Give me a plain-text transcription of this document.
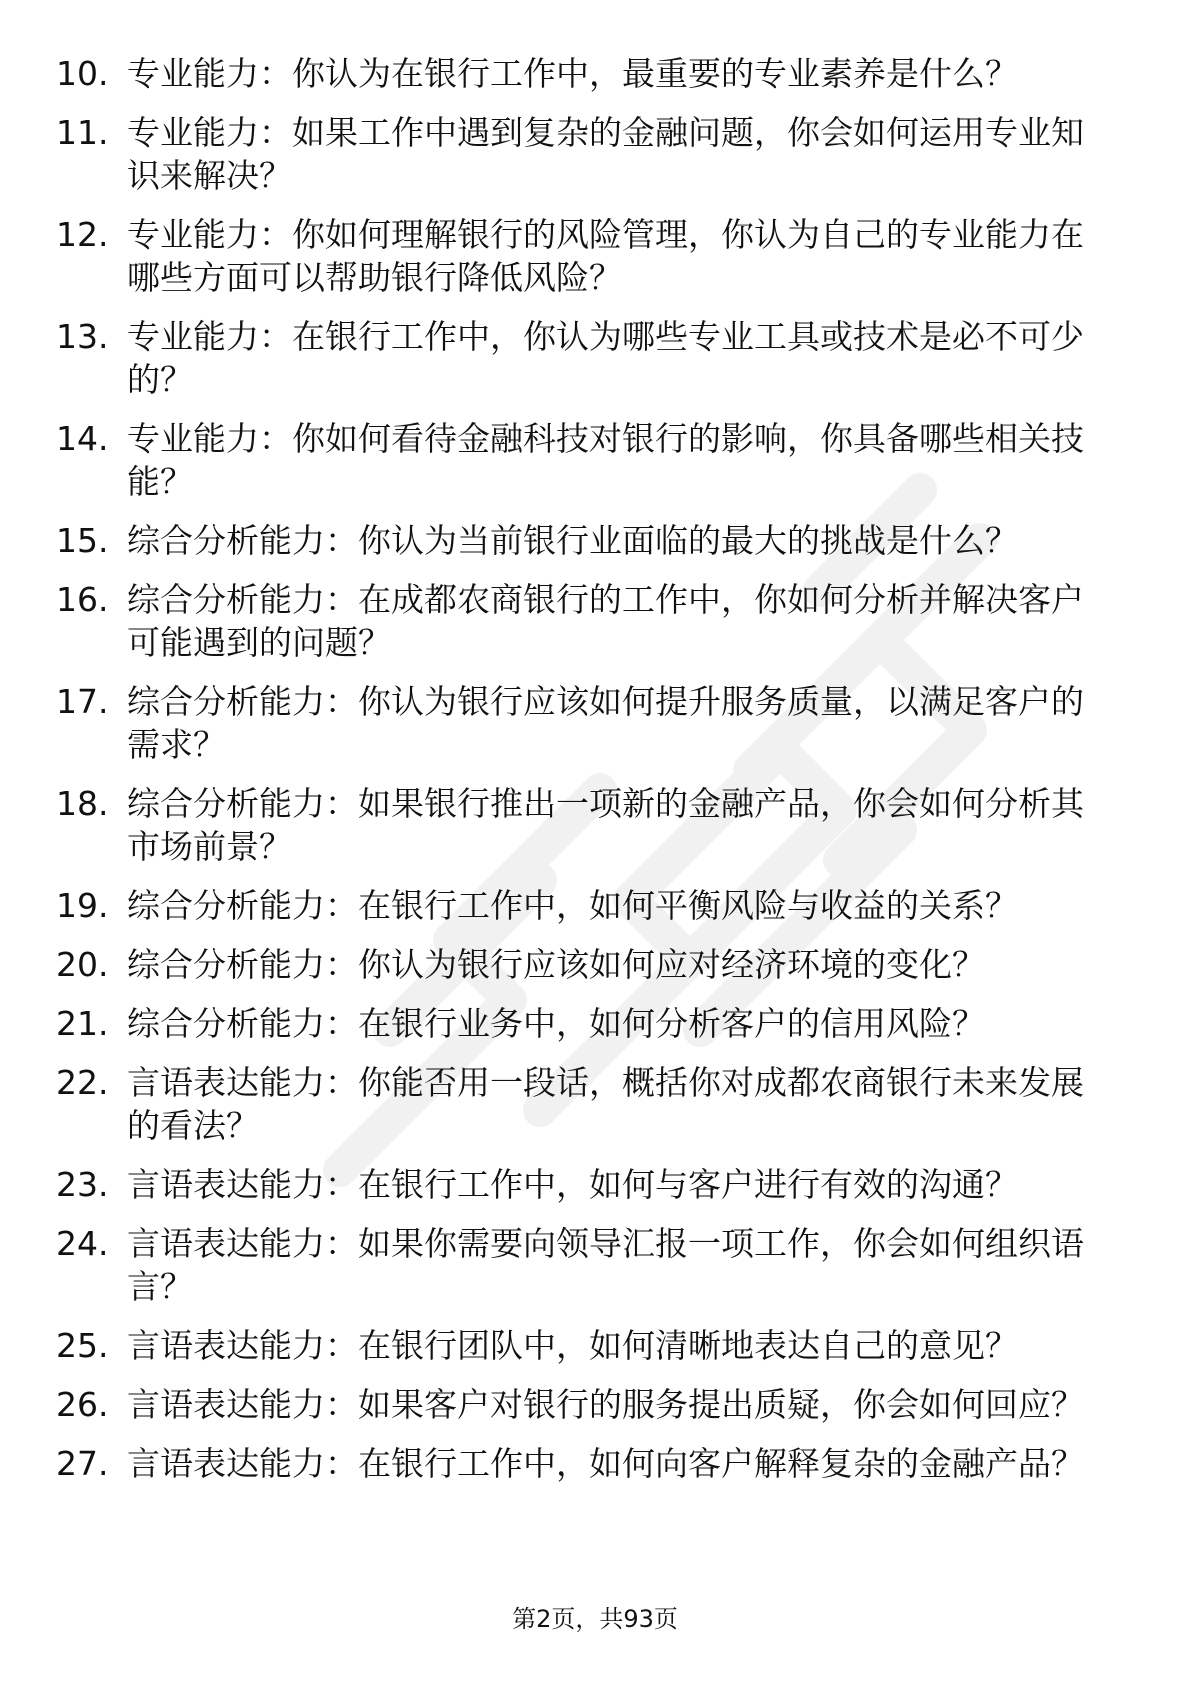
10. 专业能力：你认为在银行工作中，最重要的专业素养是什么？
11. 专业能力：如果工作中遇到复杂的金融问题，你会如何运用专业知识来解决？
12. 专业能力：你如何理解银行的风险管理，你认为自己的专业能力在哪些方面可以帮助银行降低风险？
13. 专业能力：在银行工作中，你认为哪些专业工具或技术是必不可少的？
14. 专业能力：你如何看待金融科技对银行的影响，你具备哪些相关技能？
15. 综合分析能力：你认为当前银行业面临的最大的挑战是什么？
16. 综合分析能力：在成都农商银行的工作中，你如何分析并解决客户可能遇到的问题？
17. 综合分析能力：你认为银行应该如何提升服务质量，以满足客户的需求？
18. 综合分析能力：如果银行推出一项新的金融产品，你会如何分析其市场前景？
19. 综合分析能力：在银行工作中，如何平衡风险与收益的关系？
20. 综合分析能力：你认为银行应该如何应对经济环境的变化？
21. 综合分析能力：在银行业务中，如何分析客户的信用风险？
22. 言语表达能力：你能否用一段话，概括你对成都农商银行未来发展的看法？
23. 言语表达能力：在银行工作中，如何与客户进行有效的沟通？
24. 言语表达能力：如果你需要向领导汇报一项工作，你会如何组织语言？
25. 言语表达能力：在银行团队中，如何清晰地表达自己的意见？
26. 言语表达能力：如果客户对银行的服务提出质疑，你会如何回应？
27. 言语表达能力：在银行工作中，如何向客户解释复杂的金融产品？
第2页，共93页
